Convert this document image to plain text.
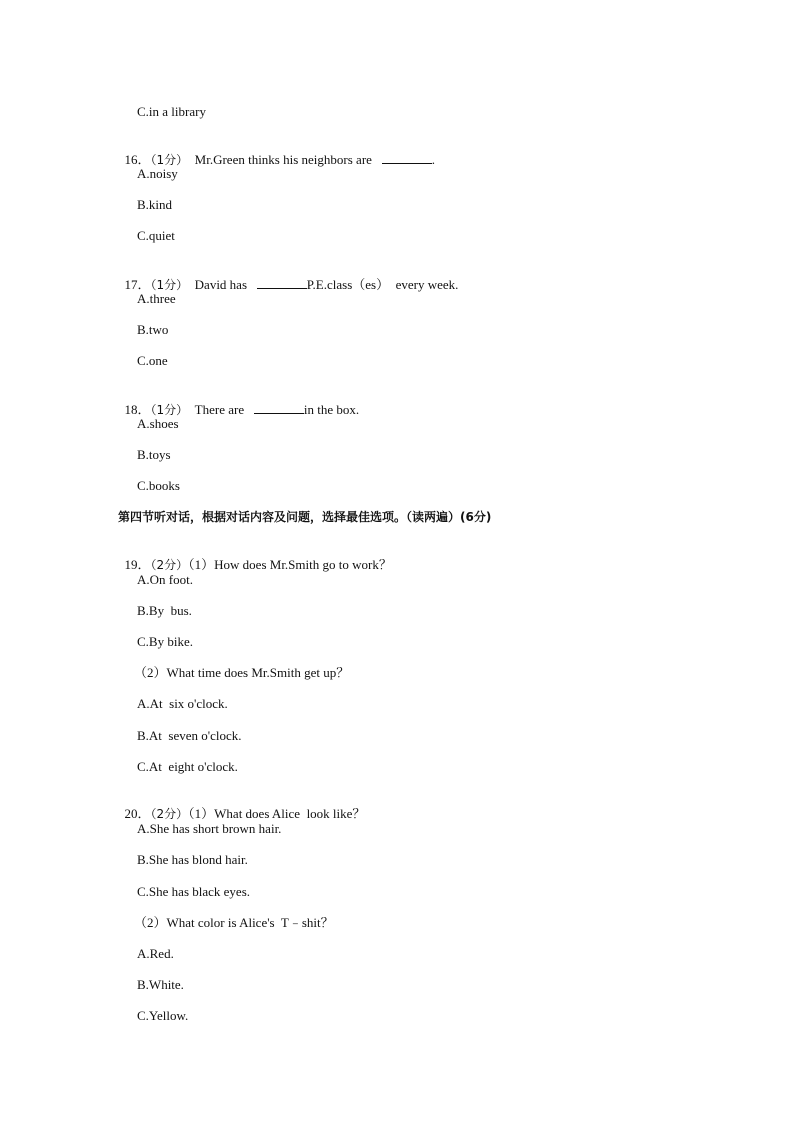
C.in a library

16．（1分）  Mr.Green thinks his neighbors are	.

A.noisy
B.kind
C.quiet

17．（1分）  David has	P.E.class（es）  every week.

A.three
B.two
C.one

18．（1分）  There are	in the box.

A.shoes
B.toys
C.books
第四节听对话，根据对话内容及问题，选择最佳选项。（读两遍）(6分)

19．（2分）（1）How does Mr.Smith go to work？

A.On foot.
B.By  bus.
C.By bike.
（2）What time does Mr.Smith get up？
A.At  six o'clock.
B.At  seven o'clock.
C.At  eight o'clock.

20．（2分）（1）What does Alice  look like？

A.She has short brown hair.
B.She has blond hair.
C.She has black eyes.
（2）What color is Alice's  T﹣shit？
A.Red.
B.White.
C.Yellow.
